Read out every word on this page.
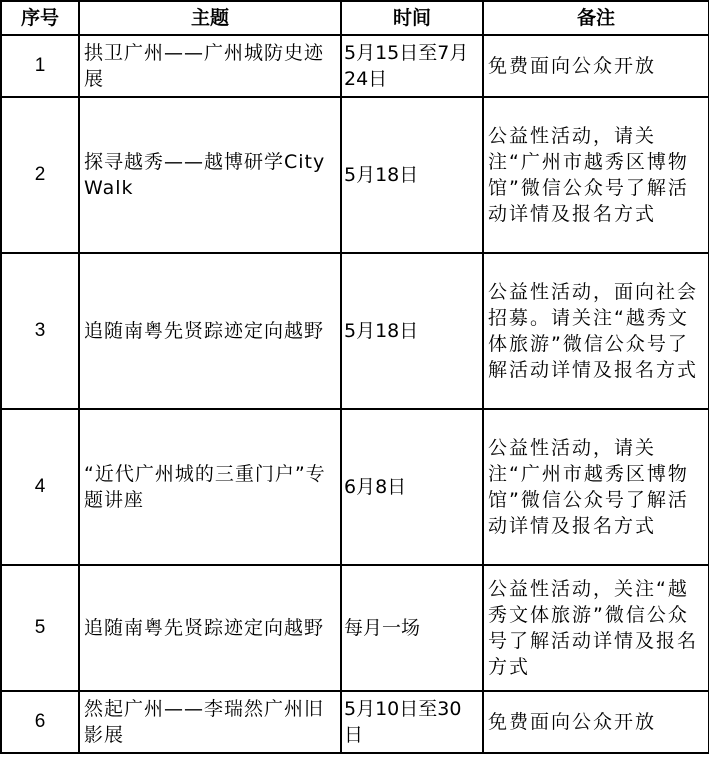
序号	主题	时间	备注
1	拱卫广州——广州城防史迹展	5月15日至7月24日	免费面向公众开放
2	探寻越秀——越博研学City Walk	5月18日	公益性活动，请关注“广州市越秀区博物馆”微信公众号了解活动详情及报名方式
3	追随南粤先贤踪迹定向越野	5月18日	公益性活动，面向社会招募。请关注“越秀文体旅游”微信公众号了解活动详情及报名方式
4	“近代广州城的三重门户”专题讲座	6月8日	公益性活动，请关注“广州市越秀区博物馆”微信公众号了解活动详情及报名方式
5	追随南粤先贤踪迹定向越野	每月一场	公益性活动，关注“越秀文体旅游”微信公众号了解活动详情及报名方式
6	然起广州——李瑞然广州旧影展	5月10日至30日	免费面向公众开放
